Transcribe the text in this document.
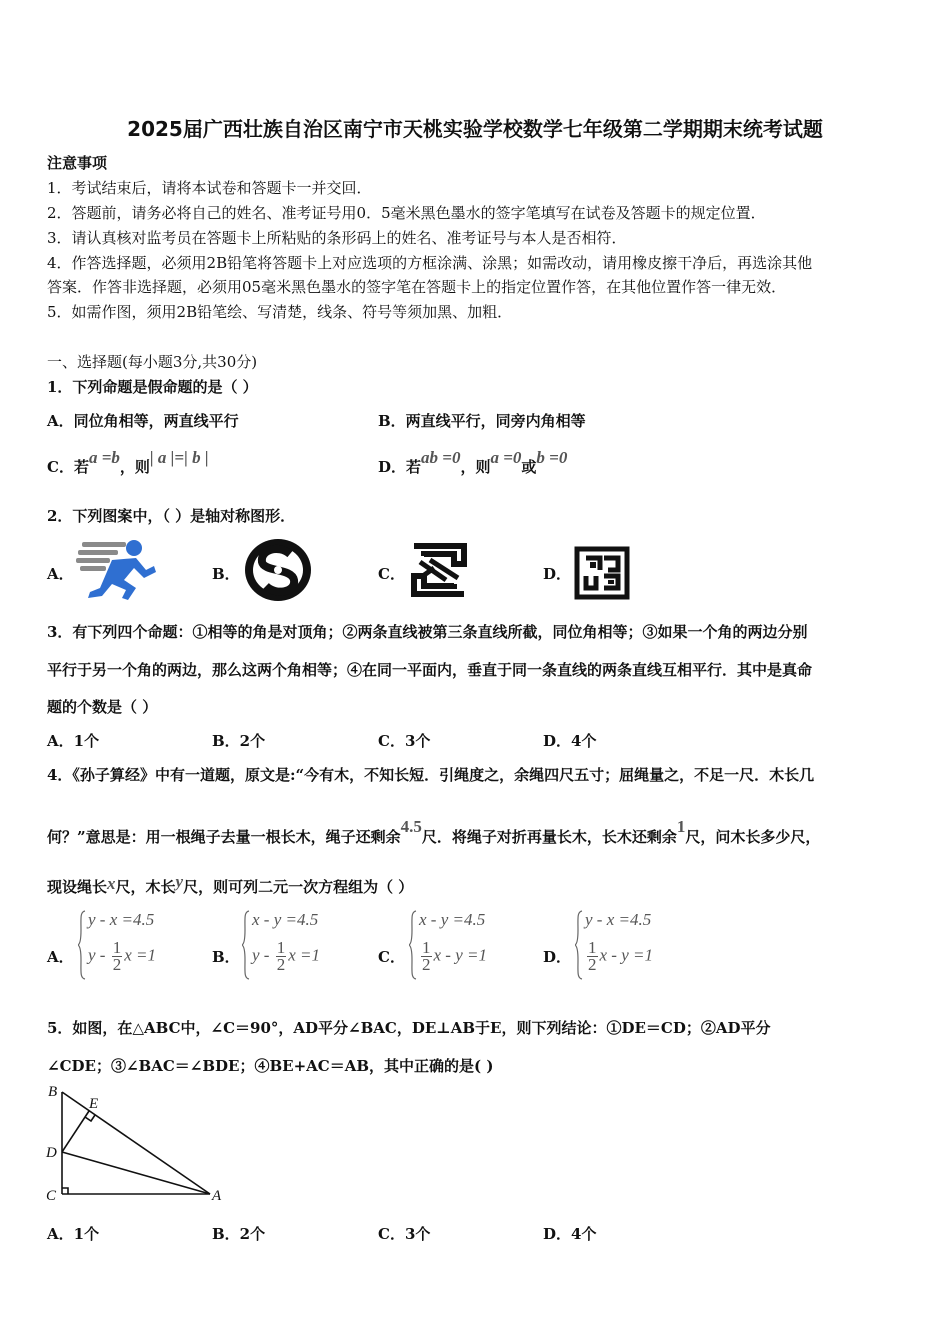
2025届广西壮族自治区南宁市天桃实验学校数学七年级第二学期期末统考试题
注意事项
1．考试结束后，请将本试卷和答题卡一并交回．
2．答题前，请务必将自己的姓名、准考证号用0．5毫米黑色墨水的签字笔填写在试卷及答题卡的规定位置．
3．请认真核对监考员在答题卡上所粘贴的条形码上的姓名、准考证号与本人是否相符．
4．作答选择题，必须用2B铅笔将答题卡上对应选项的方框涂满、涂黑；如需改动，请用橡皮擦干净后，再选涂其他
答案．作答非选择题，必须用05毫米黑色墨水的签字笔在答题卡上的指定位置作答，在其他位置作答一律无效．
5．如需作图，须用2B铅笔绘、写清楚，线条、符号等须加黑、加粗．
一、选择题(每小题3分,共30分)
1．下列命题是假命题的是（ ）
A．同位角相等，两直线平行	B．两直线平行，同旁内角相等
C．若a =b，则| a |=| b |	D．若ab =0，则a =0或b =0
2．下列图案中，（ ）是轴对称图形．
A．	B．	C．	D．
3．有下列四个命题：①相等的角是对顶角；②两条直线被第三条直线所截，同位角相等；③如果一个角的两边分别
平行于另一个角的两边，那么这两个角相等；④在同一平面内，垂直于同一条直线的两条直线互相平行．其中是真命
题的个数是（ ）
A．1个	B．2个	C．3个	D．4个
4．《孙子算经》中有一道题，原文是:“今有木，不知长短．引绳度之，余绳四尺五寸；屈绳量之，不足一尺．木长几
何？”意思是：用一根绳子去量一根长木，绳子还剩余4.5尺．将绳子对折再量长木，长木还剩余1尺，问木长多少尺，
现设绳长x尺，木长y尺，则可列二元一次方程组为（ ）
A．
y - x =4.5
y - $\frac{1}{2}$ x =1	B．
x - y =4.5
y - $\frac{1}{2}$ x =1	C．
x - y =4.5
$\frac{1}{2}$ x - y =1	D．
y - x =4.5
$\frac{1}{2}$ x - y =1
5．如图，在△ABC中，∠C＝90°，AD平分∠BAC，DE⊥AB于E，则下列结论：①DE＝CD；②AD平分
∠CDE；③∠BAC＝∠BDE；④BE+AC＝AB，其中正确的是( )
B
E
D
C	A
A．1个	B．2个	C．3个	D．4个
